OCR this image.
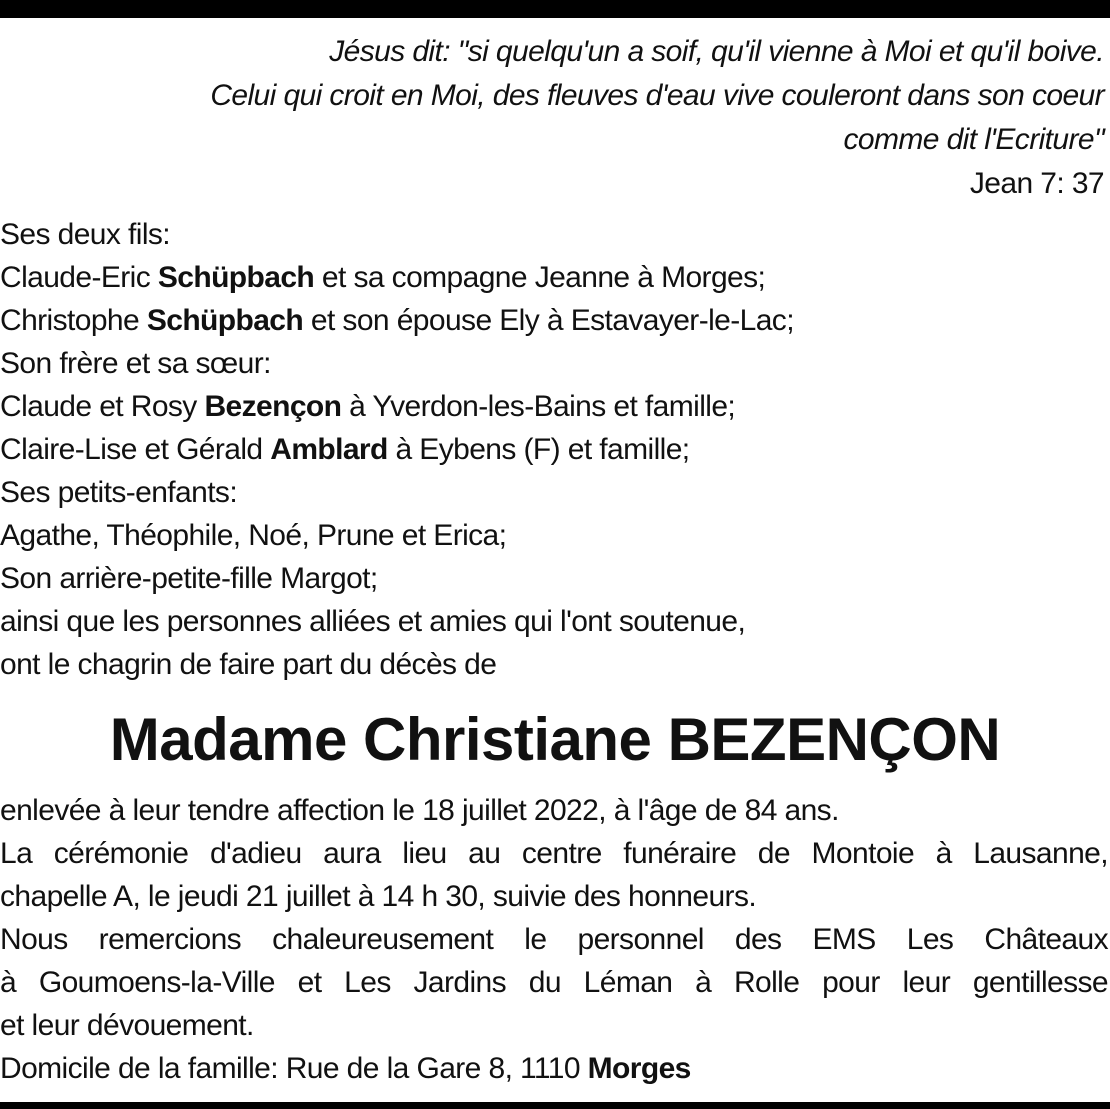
Jésus dit: "si quelqu'un a soif, qu'il vienne à Moi et qu'il boive.
Celui qui croit en Moi, des fleuves d'eau vive couleront dans son coeur
comme dit l'Ecriture"
Jean 7: 37
Ses deux fils:
Claude-Eric Schüpbach et sa compagne Jeanne à Morges;
Christophe Schüpbach et son épouse Ely à Estavayer-le-Lac;
Son frère et sa sœur:
Claude et Rosy Bezençon à Yverdon-les-Bains et famille;
Claire-Lise et Gérald Amblard à Eybens (F) et famille;
Ses petits-enfants:
Agathe, Théophile, Noé, Prune et Erica;
Son arrière-petite-fille Margot;
ainsi que les personnes alliées et amies qui l'ont soutenue,
ont le chagrin de faire part du décès de
Madame Christiane BEZENÇON
enlevée à leur tendre affection le 18 juillet 2022, à l'âge de 84 ans.
La cérémonie d'adieu aura lieu au centre funéraire de Montoie à Lausanne,
chapelle A, le jeudi 21 juillet à 14 h 30, suivie des honneurs.
Nous remercions chaleureusement le personnel des EMS Les Châteaux
à Goumoens-la-Ville et Les Jardins du Léman à Rolle pour leur gentillesse
et leur dévouement.
Domicile de la famille: Rue de la Gare 8, 1110 Morges
